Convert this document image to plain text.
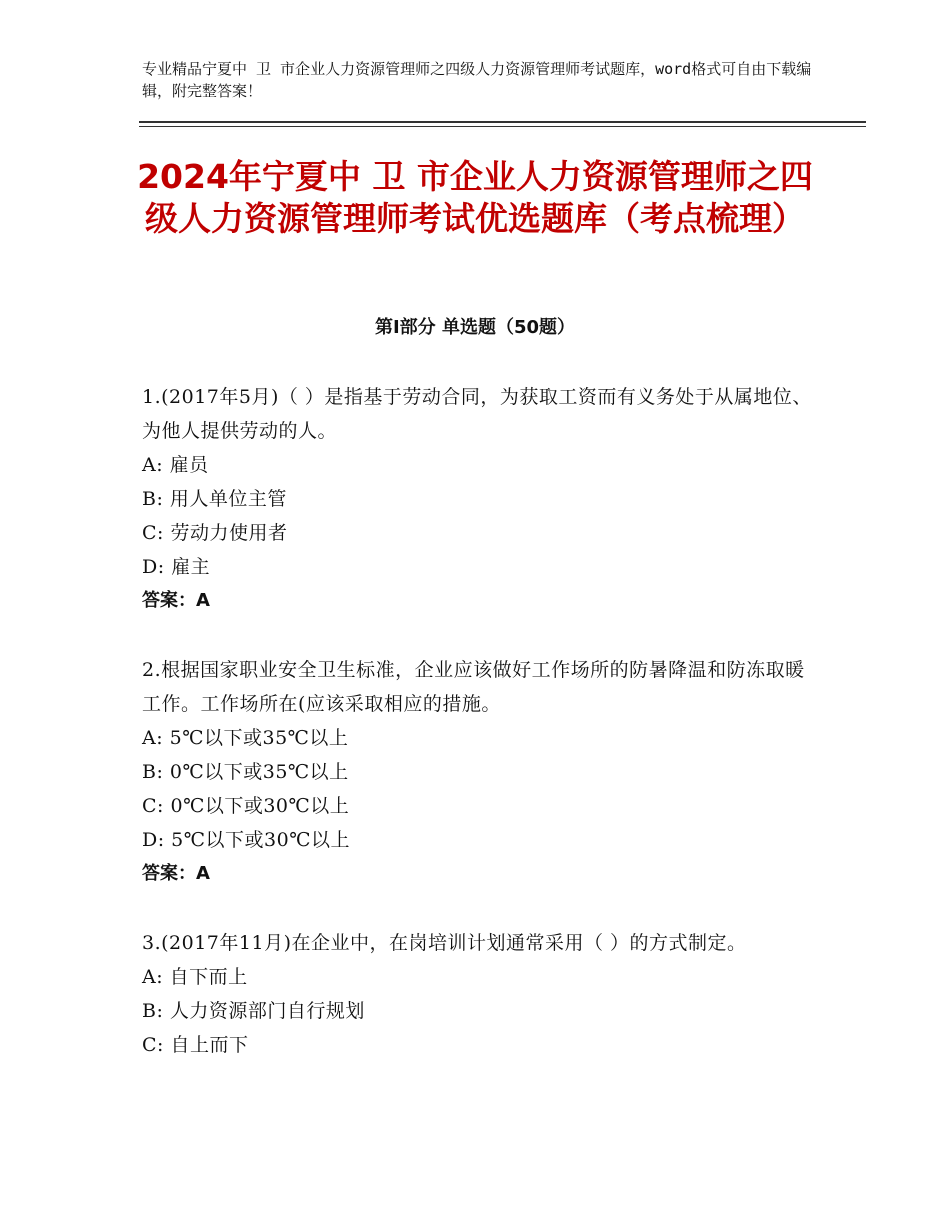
专业精品宁夏中 卫 市企业人力资源管理师之四级人力资源管理师考试题库，word格式可自由下载编辑，附完整答案！
2024年宁夏中 卫 市企业人力资源管理师之四级人力资源管理师考试优选题库（考点梳理）
第Ⅰ部分 单选题（50题）

1.(2017年5月)（ ）是指基于劳动合同，为获取工资而有义务处于从属地位、为他人提供劳动的人。

A: 雇员

B: 用人单位主管

C: 劳动力使用者

D: 雇主

答案：A

2.根据国家职业安全卫生标准，企业应该做好工作场所的防暑降温和防冻取暖工作。工作场所在(应该采取相应的措施。

A: 5℃以下或35℃以上

B: 0℃以下或35℃以上

C: 0℃以下或30℃以上

D: 5℃以下或30℃以上

答案：A

3.(2017年11月)在企业中，在岗培训计划通常采用（ ）的方式制定。

A: 自下而上

B: 人力资源部门自行规划

C: 自上而下
